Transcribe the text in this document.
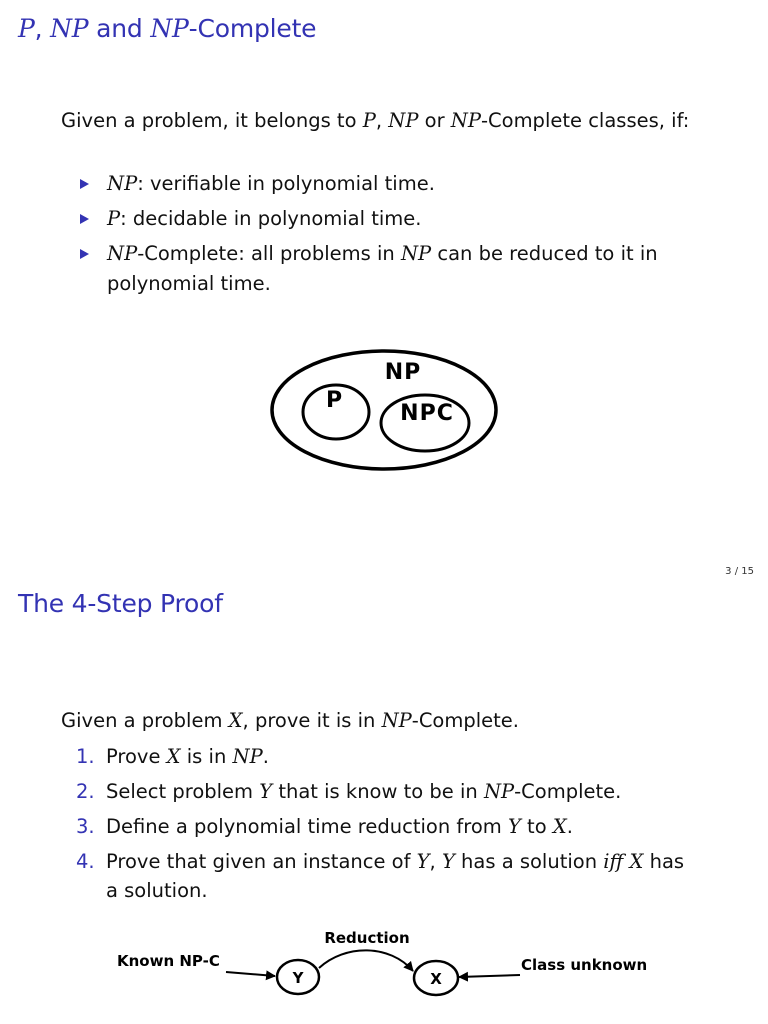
P, NP and NP-Complete
Given a problem, it belongs to P, NP or NP-Complete classes, if:
NP: verifiable in polynomial time.
P: decidable in polynomial time.
NP-Complete: all problems in NP can be reduced to it in
polynomial time.
NP
P
NPC
3 / 15
The 4-Step Proof
Given a problem X, prove it is in NP-Complete.
1. Prove X is in NP.
2. Select problem Y that is know to be in NP-Complete.
3. Define a polynomial time reduction from Y to X.
4. Prove that given an instance of Y, Y has a solution iff X has
a solution.
Reduction
Known NP-C	Class unknown
Y	X
